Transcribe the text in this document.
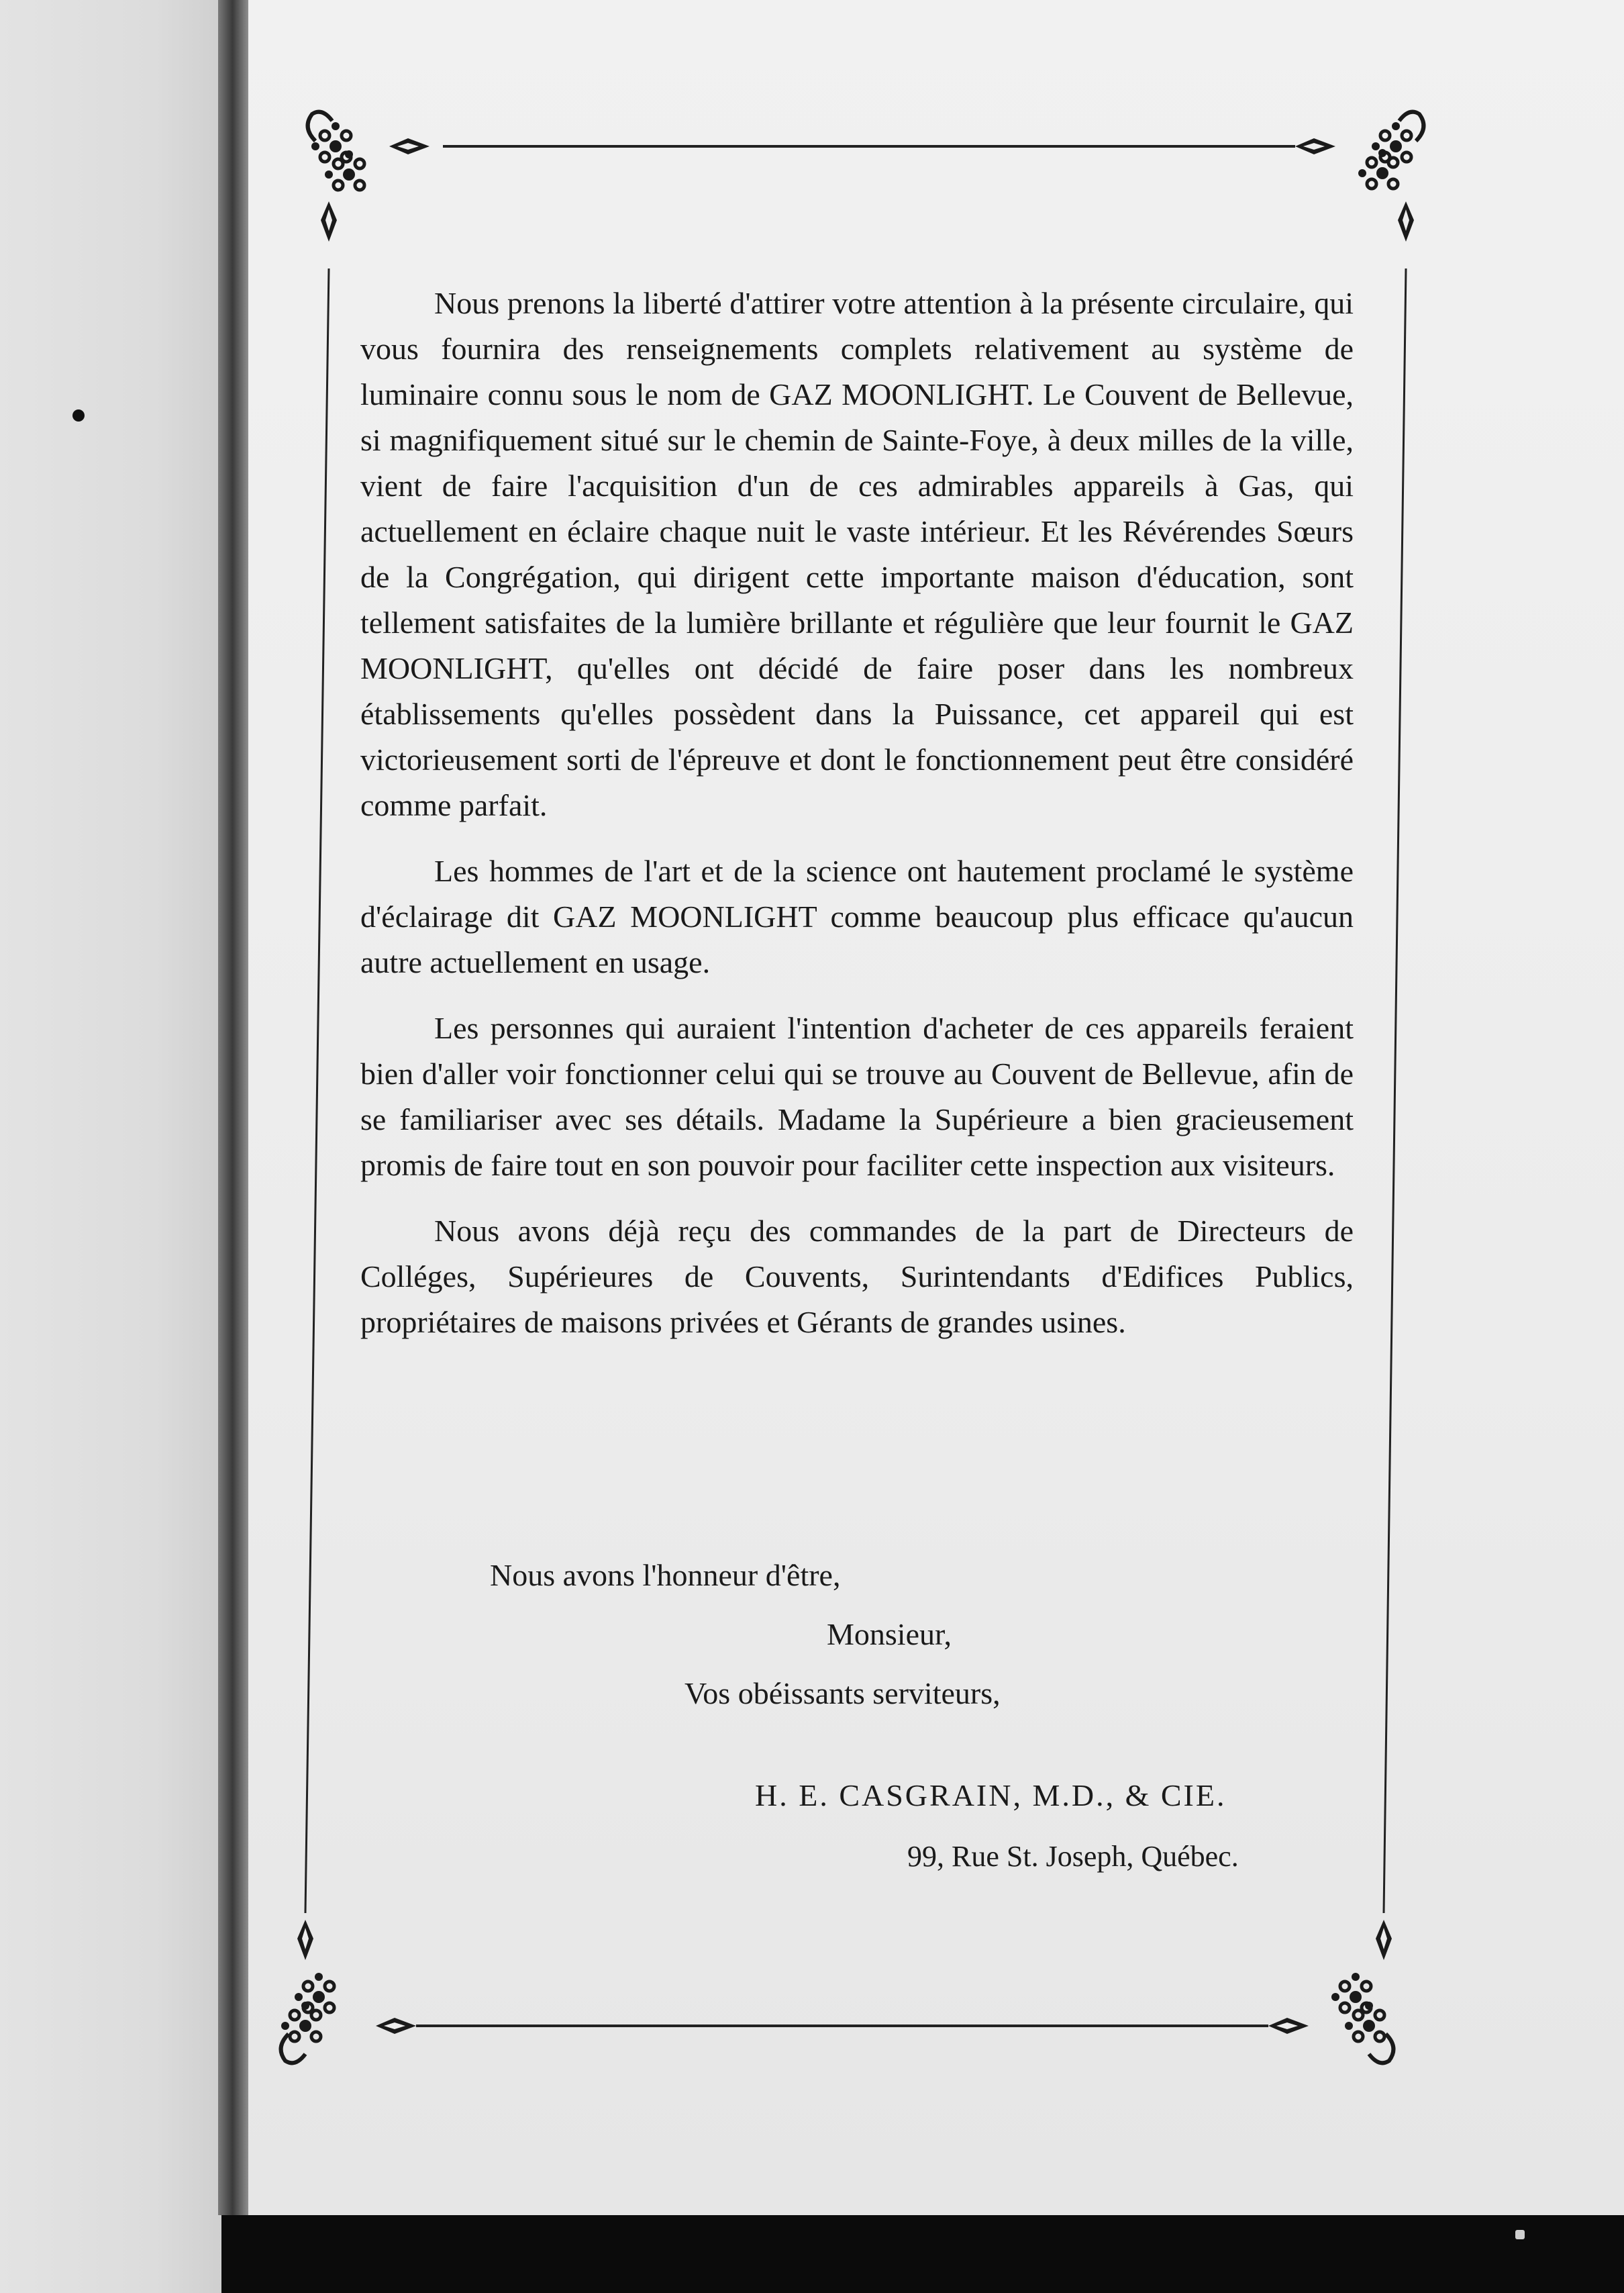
Nous prenons la liberté d'attirer votre attention à la présente circulaire, qui vous fournira des renseignements complets relativement au système de luminaire connu sous le nom de GAZ MOONLIGHT. Le Couvent de Bellevue, si magnifiquement situé sur le chemin de Sainte-Foye, à deux milles de la ville, vient de faire l'acquisition d'un de ces admirables appareils à Gas, qui actuellement en éclaire chaque nuit le vaste intérieur. Et les Révérendes Sœurs de la Congrégation, qui dirigent cette importante maison d'éducation, sont tellement satisfaites de la lumière brillante et régulière que leur fournit le GAZ MOONLIGHT, qu'elles ont décidé de faire poser dans les nombreux établissements qu'elles possèdent dans la Puissance, cet appareil qui est victorieusement sorti de l'épreuve et dont le fonctionnement peut être considéré comme parfait.

Les hommes de l'art et de la science ont hautement proclamé le système d'éclairage dit GAZ MOONLIGHT comme beaucoup plus efficace qu'aucun autre actuellement en usage.

Les personnes qui auraient l'intention d'acheter de ces appareils feraient bien d'aller voir fonctionner celui qui se trouve au Couvent de Bellevue, afin de se familiariser avec ses détails. Madame la Supérieure a bien gracieusement promis de faire tout en son pouvoir pour faciliter cette inspection aux visiteurs.

Nous avons déjà reçu des commandes de la part de Directeurs de Colléges, Supérieures de Couvents, Surintendants d'Edifices Publics, propriétaires de maisons privées et Gérants de grandes usines.

Nous avons l'honneur d'être,
Monsieur,
Vos obéissants serviteurs,
H. E. CASGRAIN, M.D., & CIE.
99, Rue St. Joseph, Québec.
